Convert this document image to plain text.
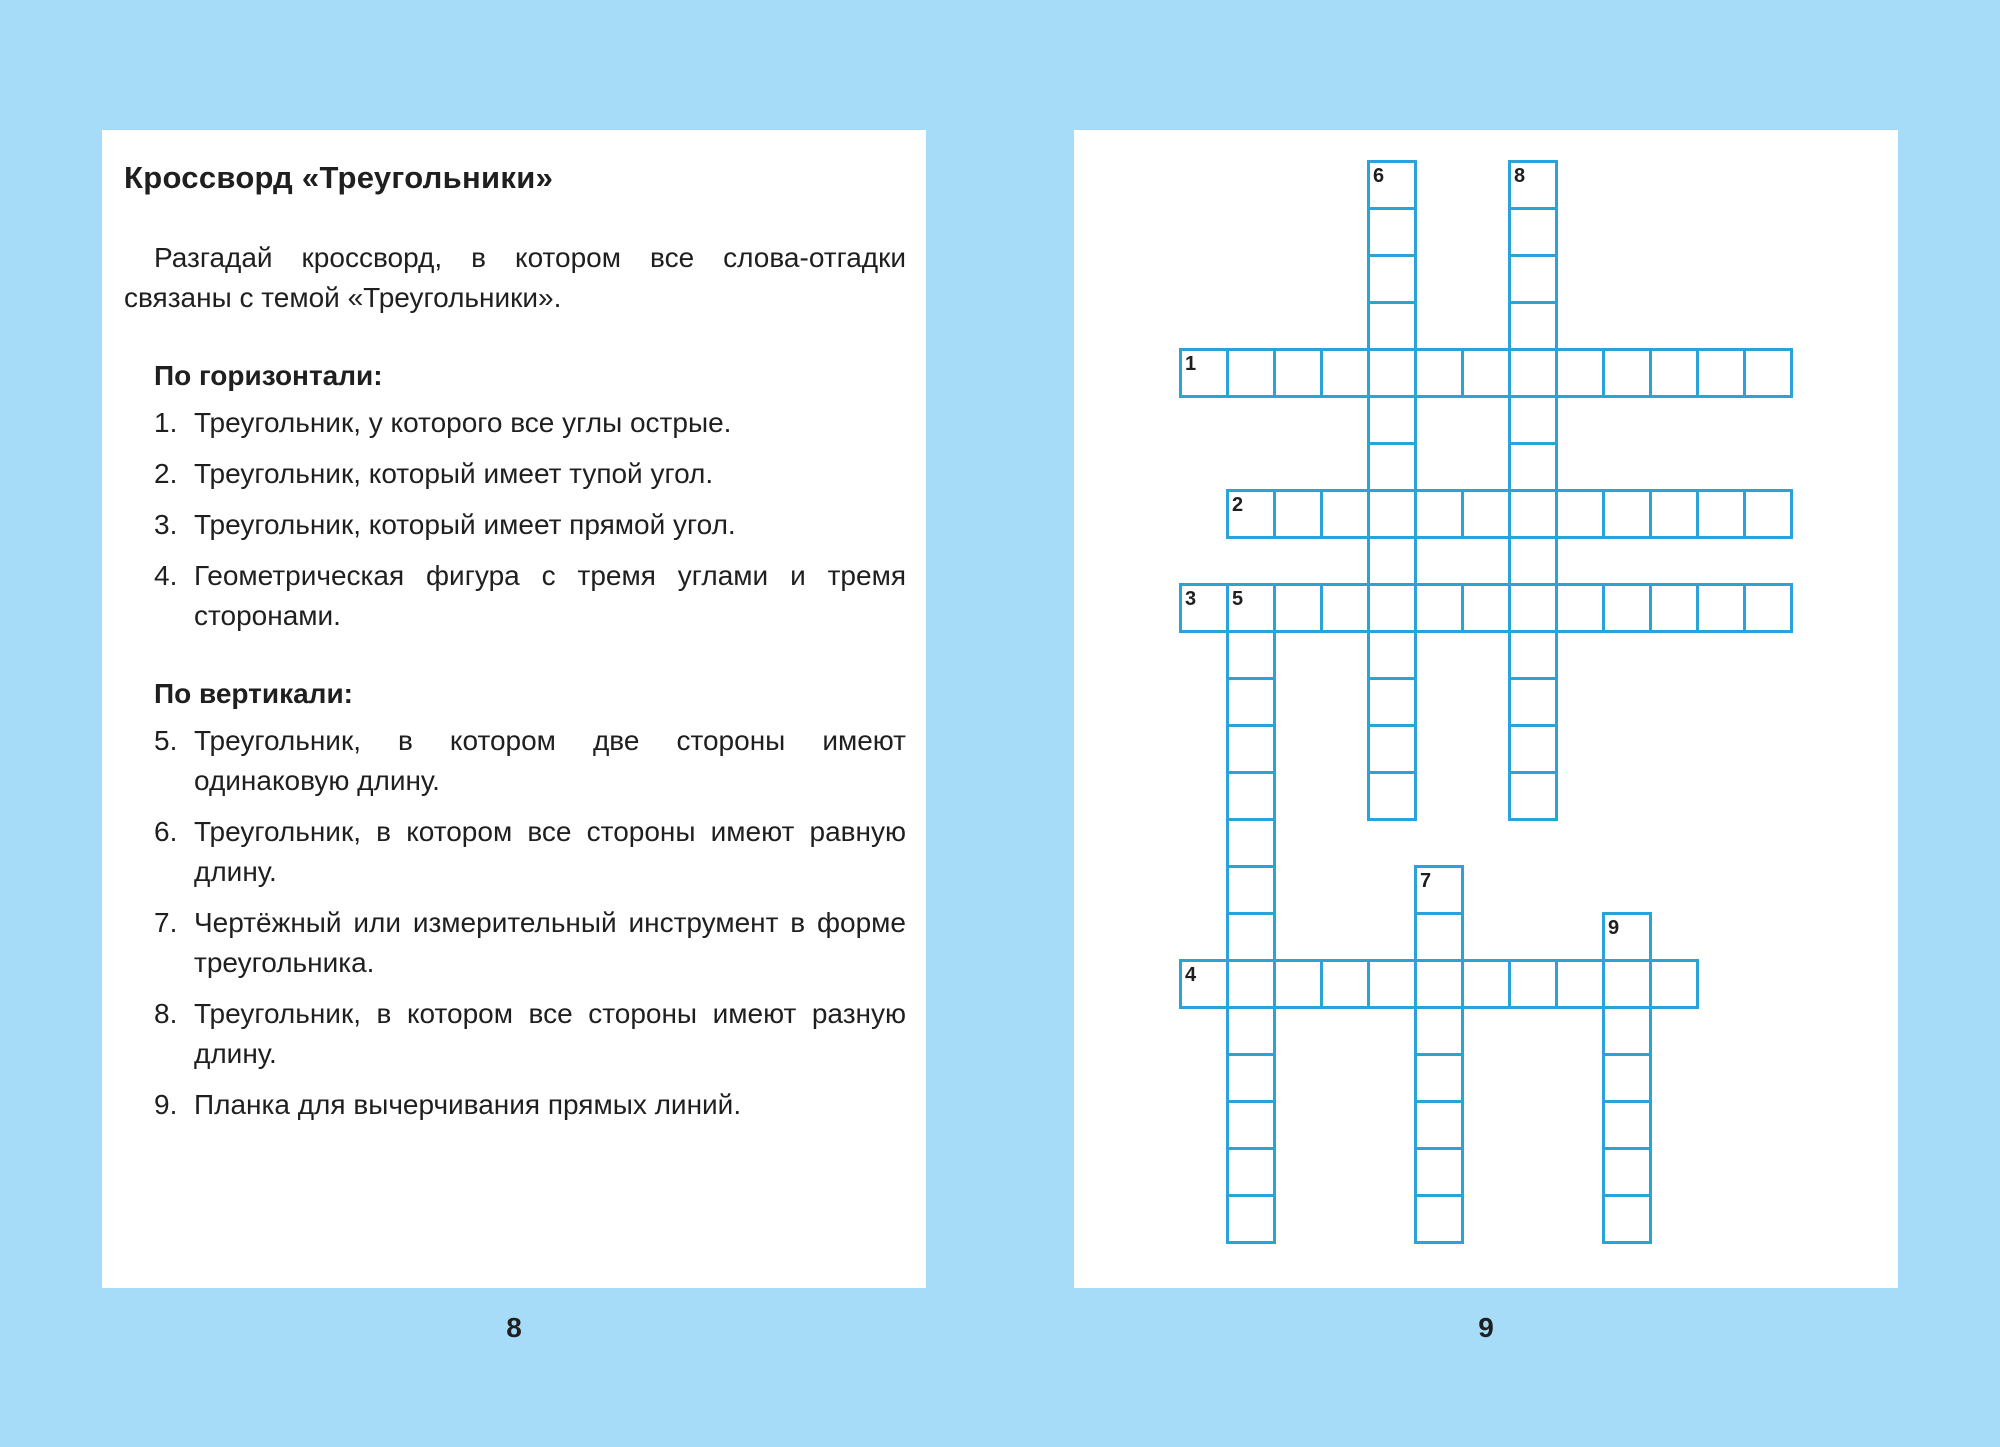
Кроссворд «Треугольники»

Разгадай кроссворд, в котором все слова-отгадки связаны с темой «Треугольники».

По горизонтали:
1. Треугольник, у которого все углы острые.
2. Треугольник, который имеет тупой угол.
3. Треугольник, который имеет прямой угол.
4. Геометрическая фигура с тремя углами и тремя сторонами.
По вертикали:
5. Треугольник, в котором две стороны имеют одинаковую длину.
6. Треугольник, в котором все стороны имеют равную длину.
7. Чертёжный или измерительный инструмент в форме треугольника.
8. Треугольник, в котором все стороны имеют разную длину.
9. Планка для вычерчивания прямых линий.
1
2
3
4
5
6
7
8
9
8	9
